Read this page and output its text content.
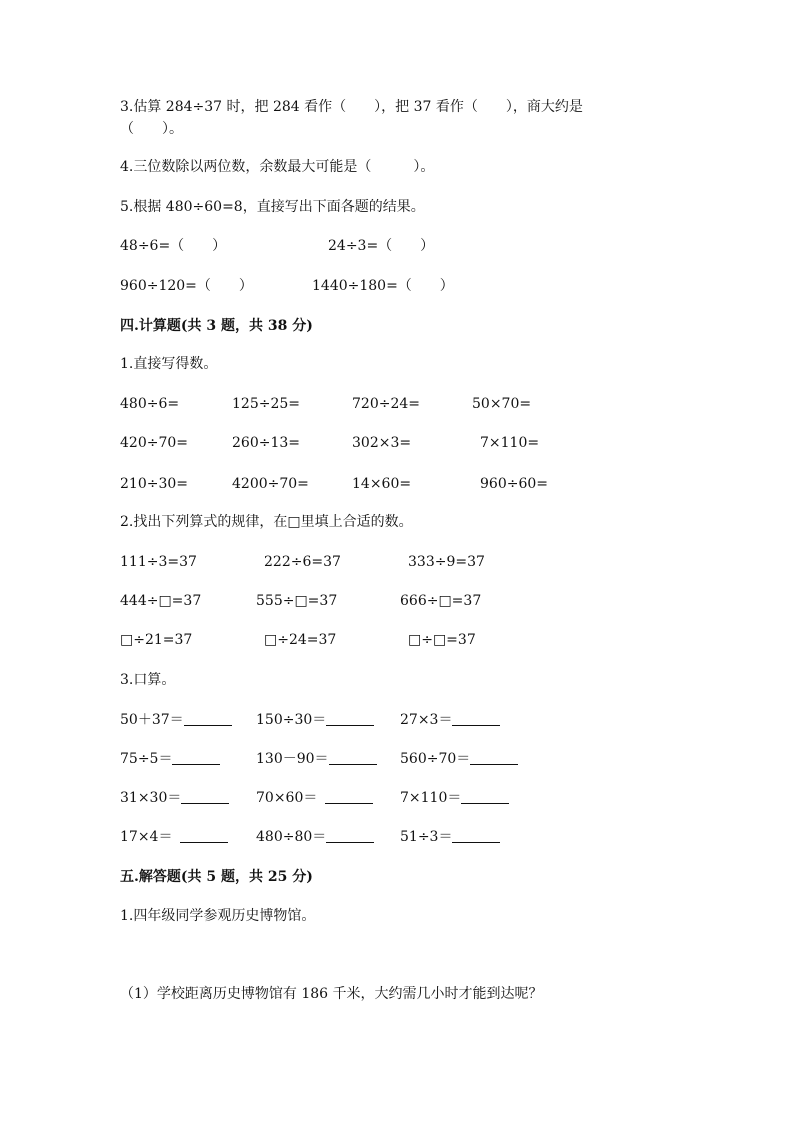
3.估算 284÷37 时，把 284 看作（　　），把 37 看作（　　），商大约是
（　　）。
4.三位数除以两位数，余数最大可能是（　　　）。
5.根据 480÷60=8，直接写出下面各题的结果。
48÷6=（　　）	24÷3=（　　）
960÷120=（　　）	1440÷180=（　　）
四.计算题(共 3 题，共 38 分)
1.直接写得数。
480÷6=	125÷25=	720÷24=	50×70=
420÷70=	260÷13=	302×3=	7×110=
210÷30=	4200÷70=	14×60=	960÷60=
2.找出下列算式的规律，在□里填上合适的数。
111÷3=37	222÷6=37	333÷9=37
444÷□=37	555÷□=37	666÷□=37
□÷21=37	□÷24=37	□÷□=37
3.口算。
50＋37＝	150÷30＝	27×3＝
75÷5＝	130－90＝	560÷70＝
31×30＝	70×60＝	7×110＝
17×4＝	480÷80＝	51÷3＝
五.解答题(共 5 题，共 25 分)
1.四年级同学参观历史博物馆。
（1）学校距离历史博物馆有 186 千米，大约需几小时才能到达呢？
